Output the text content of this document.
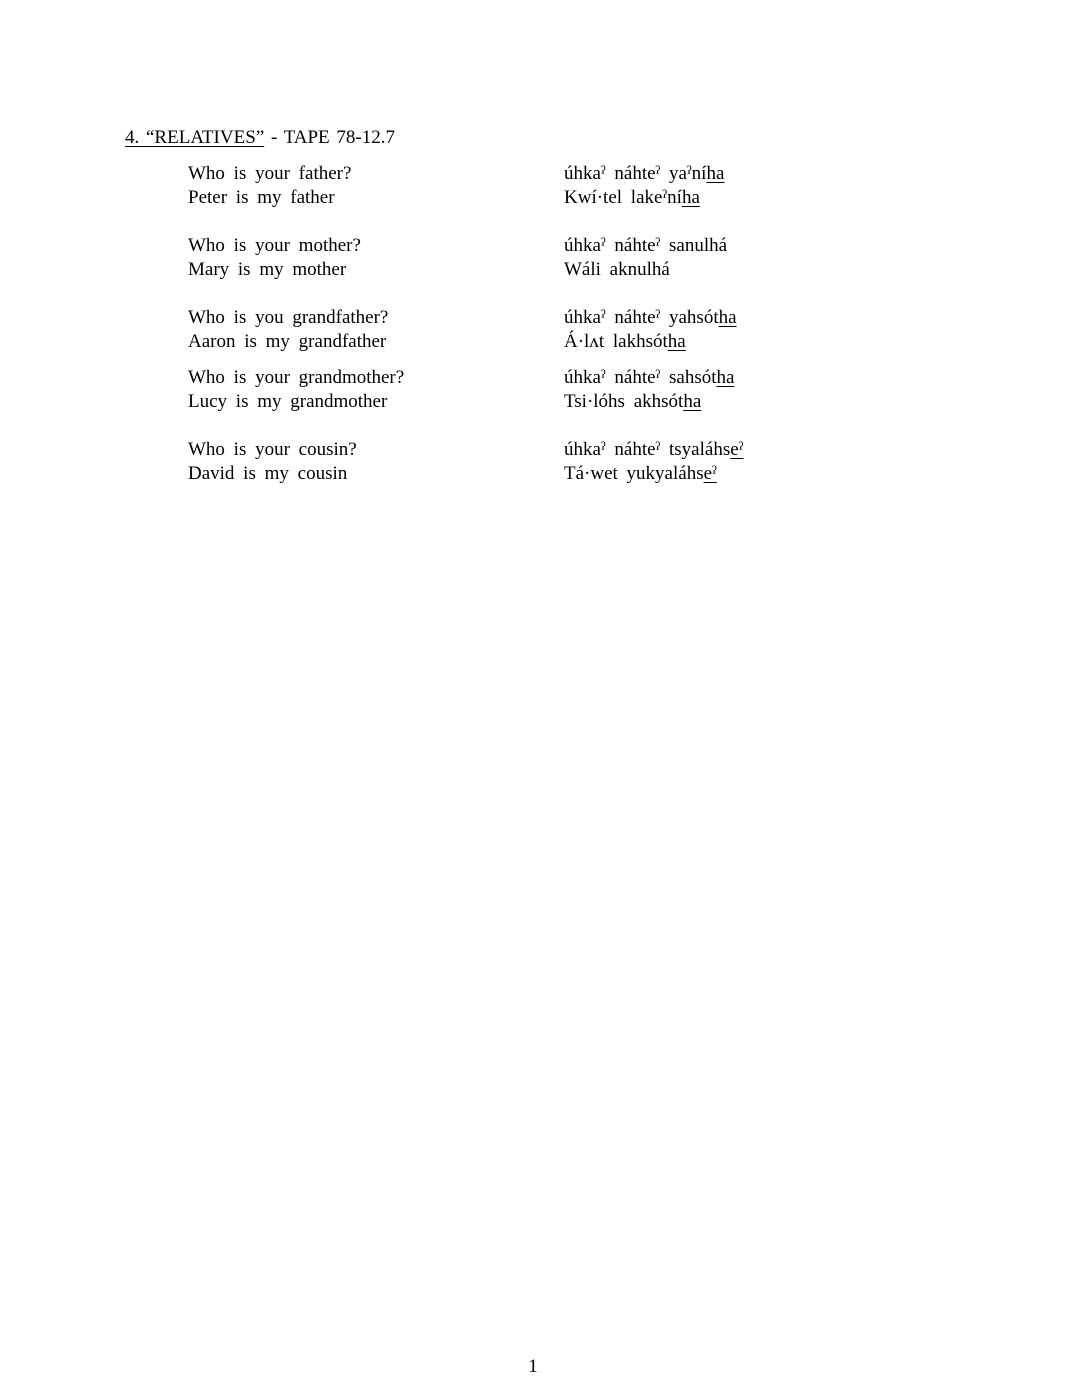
4. “RELATIVES” - TAPE 78-12.7
Who is your father?
Peter is my father
úhkaˀ náhteˀ yaˀníha
Kwí·tel lakeˀníha
Who is your mother?
Mary is my mother
úhkaˀ náhteˀ sanulhá
Wáli aknulhá
Who is you grandfather?
Aaron is my grandfather
úhkaˀ náhteˀ yahsótha
Á·lʌt lakhsótha
Who is your grandmother?
Lucy is my grandmother
úhkaˀ náhteˀ sahsótha
Tsi·lóhs akhsótha
Who is your cousin?
David is my cousin
úhkaˀ náhteˀ tsyaláhseˀ
Tá·wet yukyaláhseˀ
1
